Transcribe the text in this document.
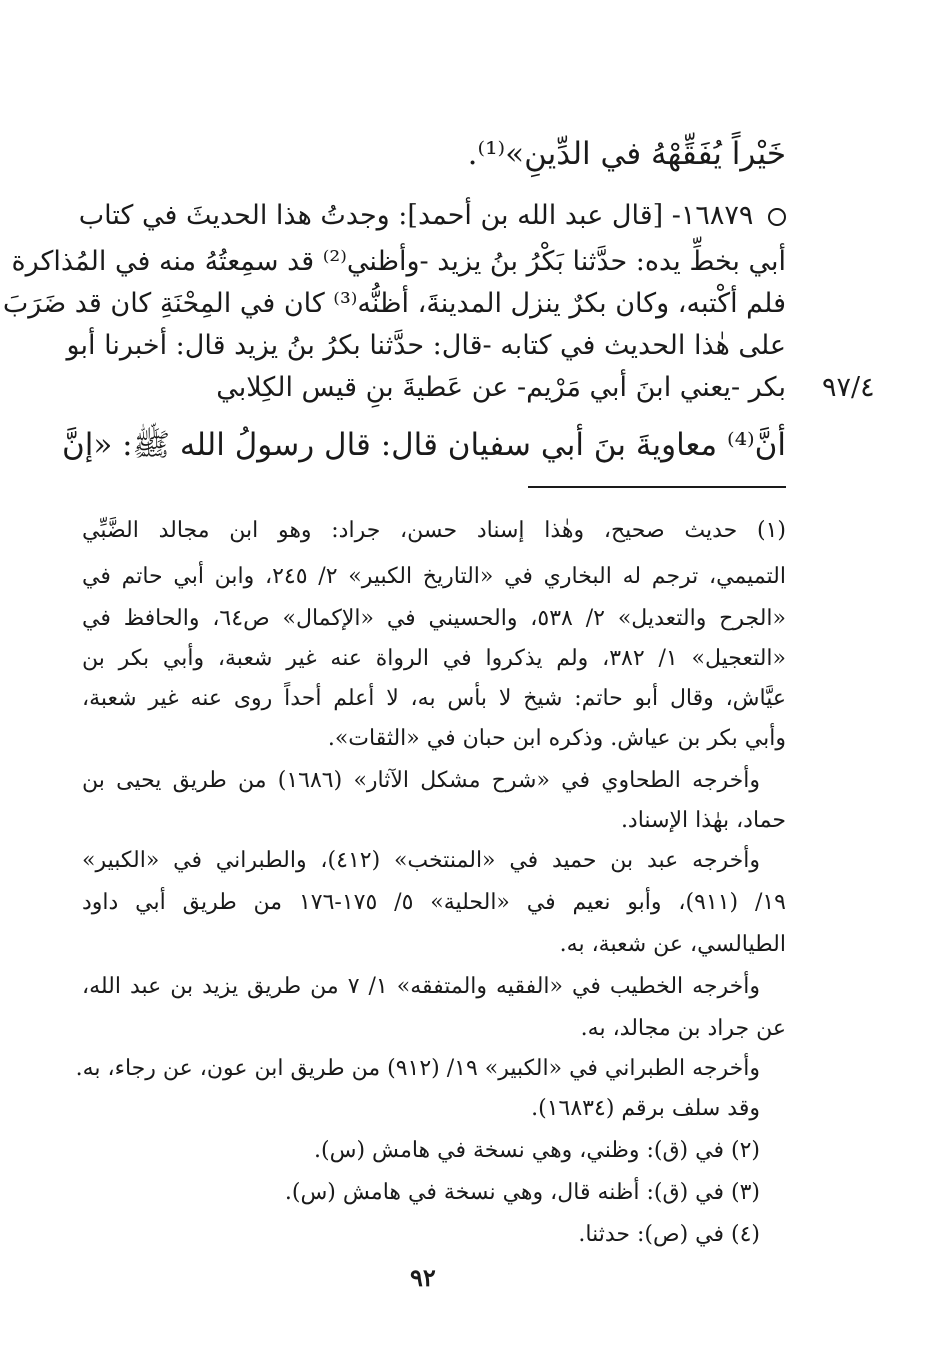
خَيْراً يُفَقِّهْهُ في الدِّينِ»⁽¹⁾.
١٦٨٧٩- [قال عبد الله بن أحمد]: وجدتُ هذا الحديثَ في كتاب
أبي بخطِّ يده: حدَّثنا بَكْرُ بنُ يزيد -وأظني⁽²⁾ قد سمِعتُهُ منه في المُذاكرة
فلم أكْتبه، وكان بكرٌ ينزل المدينةَ، أظنُّه⁽³⁾ كان في المِحْنَةِ كان قد ضَرَبَ
على هٰذا الحديث في كتابه -قال: حدَّثنا بكرُ بنُ يزيد قال: أخبرنا أبو
بكر -يعني ابنَ أبي مَرْيم- عن عَطيةَ بنِ قيس الكِلابي ٩٧/٤
أنَّ⁽⁴⁾ معاويةَ بنَ أبي سفيان قال: قال رسولُ الله ﷺ: «إنَّ
(١) حديث صحيح، وهٰذا إسناد حسن، جراد: وهو ابن مجالد الضَّبِّي
التميمي، ترجم له البخاري في «التاريخ الكبير» ٢/ ٢٤٥، وابن أبي حاتم في
«الجرح والتعديل» ٢/ ٥٣٨، والحسيني في «الإكمال» ص٦٤، والحافظ في
«التعجيل» ١/ ٣٨٢، ولم يذكروا في الرواة عنه غير شعبة، وأبي بكر بن
عيَّاش، وقال أبو حاتم: شيخ لا بأس به، لا أعلم أحداً روى عنه غير شعبة،
وأبي بكر بن عياش. وذكره ابن حبان في «الثقات».
وأخرجه الطحاوي في «شرح مشكل الآثار» (١٦٨٦) من طريق يحيى بن
حماد، بهٰذا الإسناد.
وأخرجه عبد بن حميد في «المنتخب» (٤١٢)، والطبراني في «الكبير»
١٩/ (٩١١)، وأبو نعيم في «الحلية» ٥/ ١٧٥-١٧٦ من طريق أبي داود
الطيالسي، عن شعبة، به.
وأخرجه الخطيب في «الفقيه والمتفقه» ١/ ٧ من طريق يزيد بن عبد الله،
عن جراد بن مجالد، به.
وأخرجه الطبراني في «الكبير» ١٩/ (٩١٢) من طريق ابن عون، عن رجاء، به.
وقد سلف برقم (١٦٨٣٤).
(٢) في (ق): وظني، وهي نسخة في هامش (س).
(٣) في (ق): أظنه قال، وهي نسخة في هامش (س).
(٤) في (ص): حدثنا.
٩٢
